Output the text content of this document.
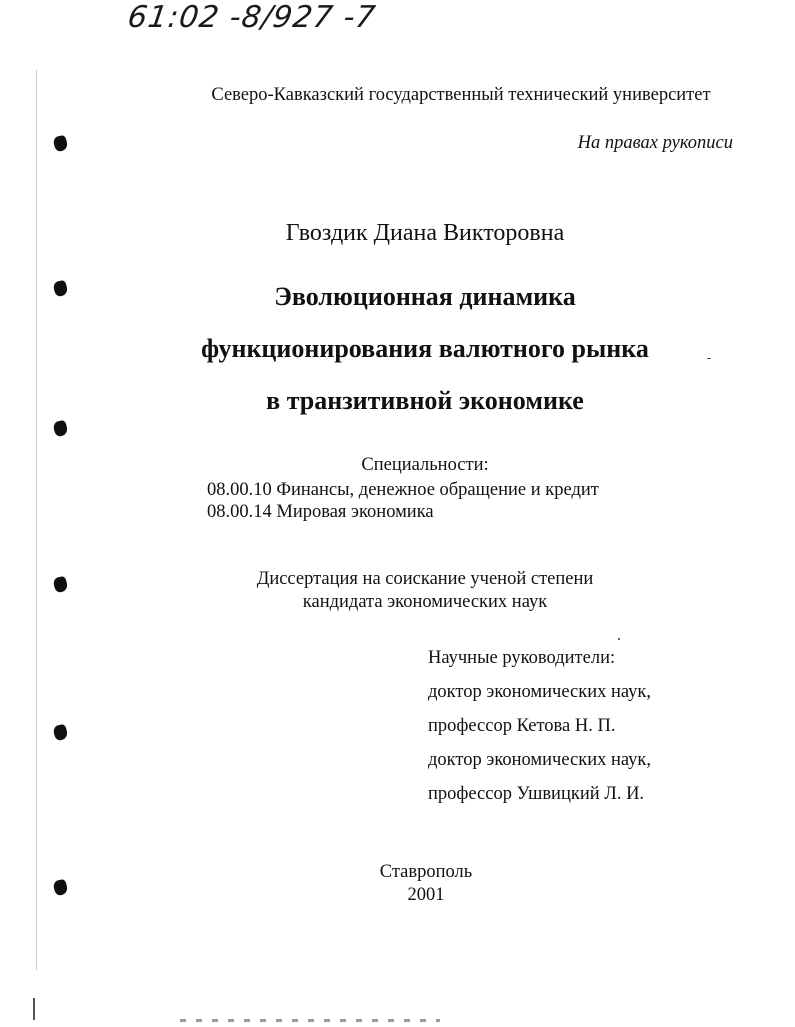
61:02 -8/927 -7
Северо-Кавказский государственный технический университет
На правах рукописи
Гвоздик Диана Викторовна
Эволюционная динамика
функционирования валютного рынка
в транзитивной экономике
Специальности:
08.00.10 Финансы, денежное обращение и кредит
08.00.14 Мировая экономика
Диссертация на соискание ученой степени
кандидата экономических наук
Научные руководители:
доктор экономических наук,
профессор Кетова Н. П.
доктор экономических наук,
профессор Ушвицкий Л. И.
Ставрополь
2001
